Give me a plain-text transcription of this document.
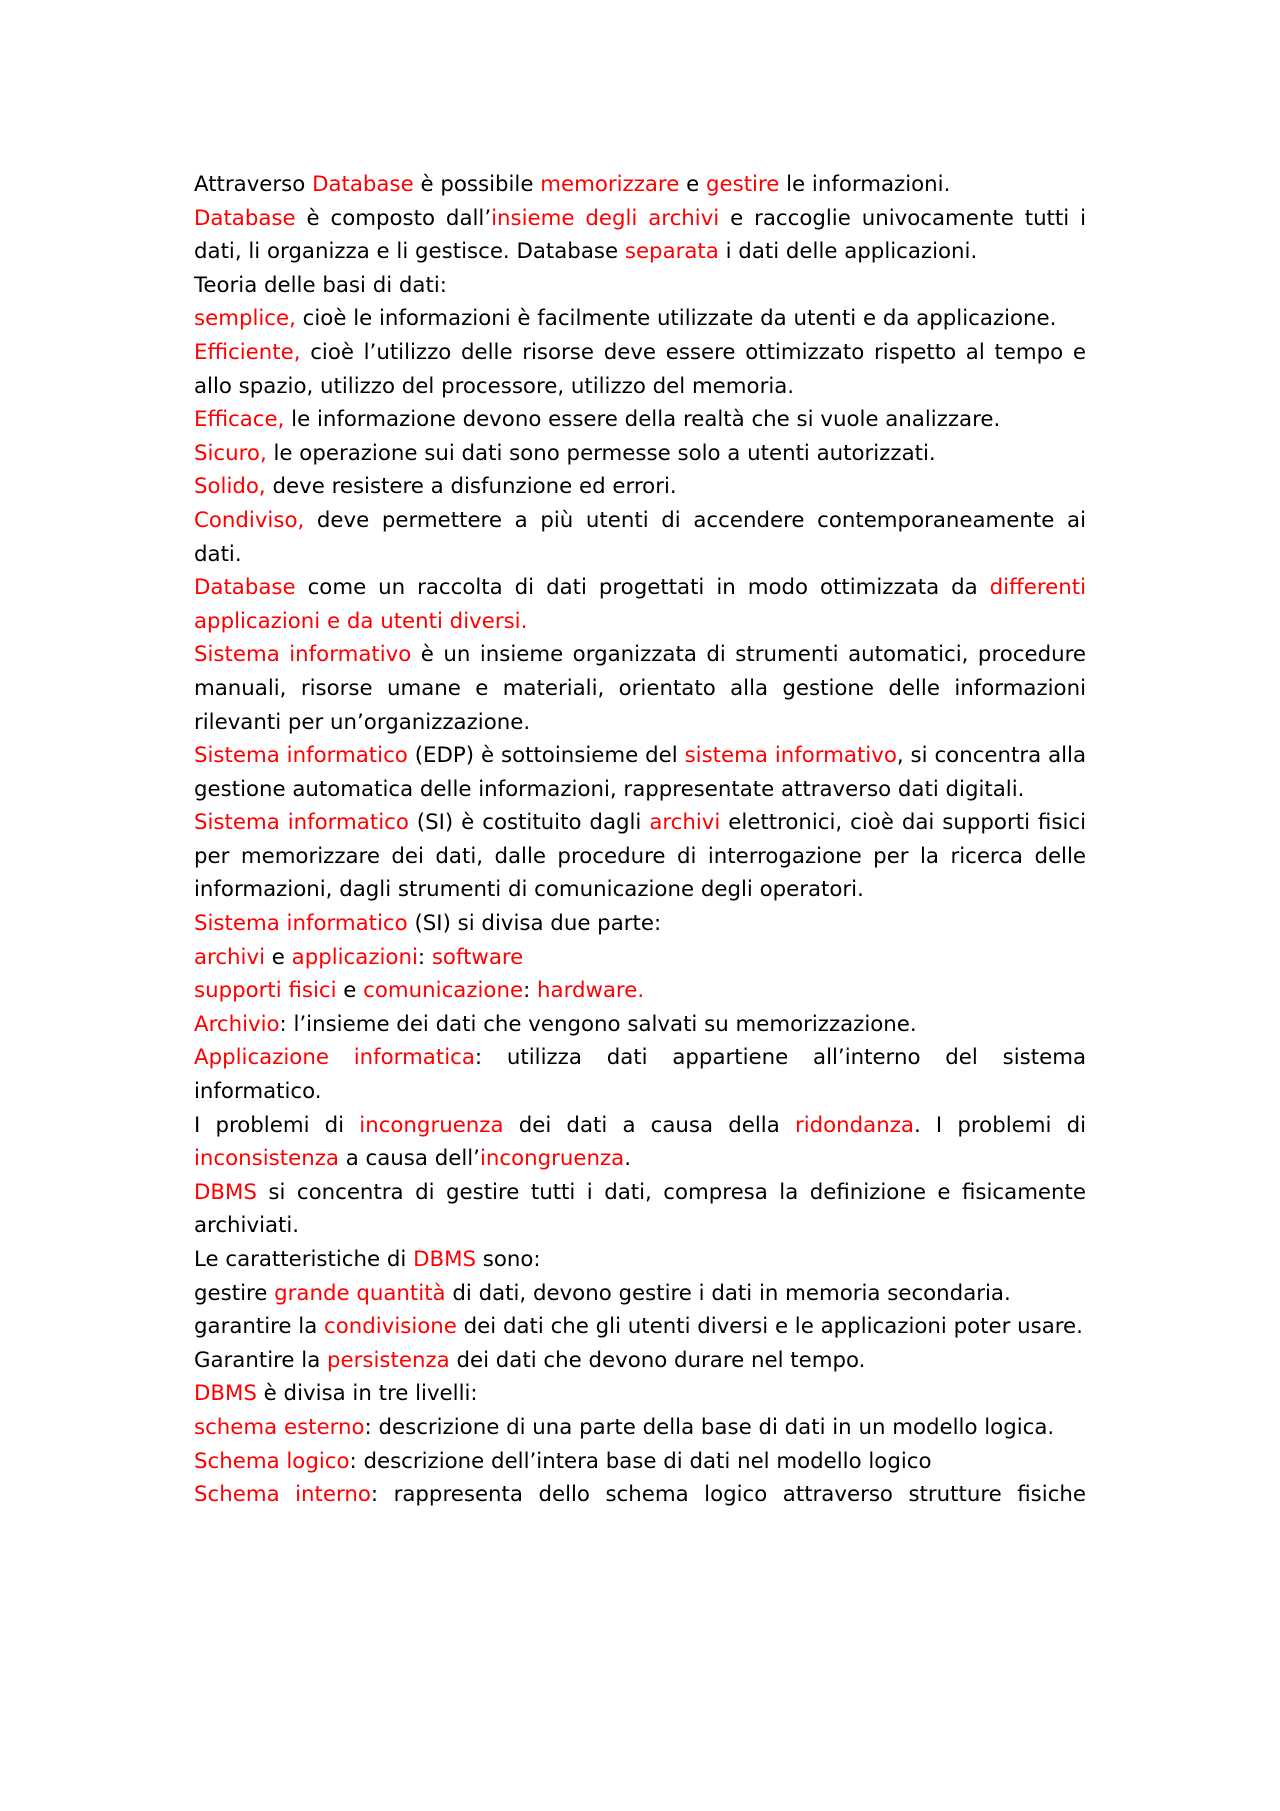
Attraverso Database è possibile memorizzare e gestire le informazioni.

Database è composto dall’insieme degli archivi e raccoglie univocamente tutti i dati, li organizza e li gestisce. Database separata i dati delle applicazioni.

Teoria delle basi di dati:

semplice, cioè le informazioni è facilmente utilizzate da utenti e da applicazione.

Efficiente, cioè l’utilizzo delle risorse deve essere ottimizzato rispetto al tempo e allo spazio, utilizzo del processore, utilizzo del memoria.

Efficace, le informazione devono essere della realtà che si vuole analizzare.

Sicuro, le operazione sui dati sono permesse solo a utenti autorizzati.

Solido, deve resistere a disfunzione ed errori.

Condiviso, deve permettere a più utenti di accendere contemporaneamente ai dati.

Database come un raccolta di dati progettati in modo ottimizzata da differenti applicazioni e da utenti diversi.

Sistema informativo è un insieme organizzata di strumenti automatici, procedure manuali, risorse umane e materiali, orientato alla gestione delle informazioni rilevanti per un’organizzazione.

Sistema informatico (EDP) è sottoinsieme del sistema informativo, si concentra alla gestione automatica delle informazioni, rappresentate attraverso dati digitali.

Sistema informatico (SI) è costituito dagli archivi elettronici, cioè dai supporti fisici per memorizzare dei dati, dalle procedure di interrogazione per la ricerca delle informazioni, dagli strumenti di comunicazione degli operatori.

Sistema informatico (SI) si divisa due parte:

archivi e applicazioni: software

supporti fisici e comunicazione: hardware.

Archivio: l’insieme dei dati che vengono salvati su memorizzazione.

Applicazione informatica: utilizza dati appartiene all’interno del sistema informatico.

I problemi di incongruenza dei dati a causa della ridondanza. I problemi di inconsistenza a causa dell’incongruenza.

DBMS si concentra di gestire tutti i dati, compresa la definizione e fisicamente archiviati.

Le caratteristiche di DBMS sono:

gestire grande quantità di dati, devono gestire i dati in memoria secondaria.

garantire la condivisione dei dati che gli utenti diversi e le applicazioni poter usare.

Garantire la persistenza dei dati che devono durare nel tempo.

DBMS è divisa in tre livelli:

schema esterno: descrizione di una parte della base di dati in un modello logica.

Schema logico: descrizione dell’intera base di dati nel modello logico

Schema interno: rappresenta dello schema logico attraverso strutture fisiche
